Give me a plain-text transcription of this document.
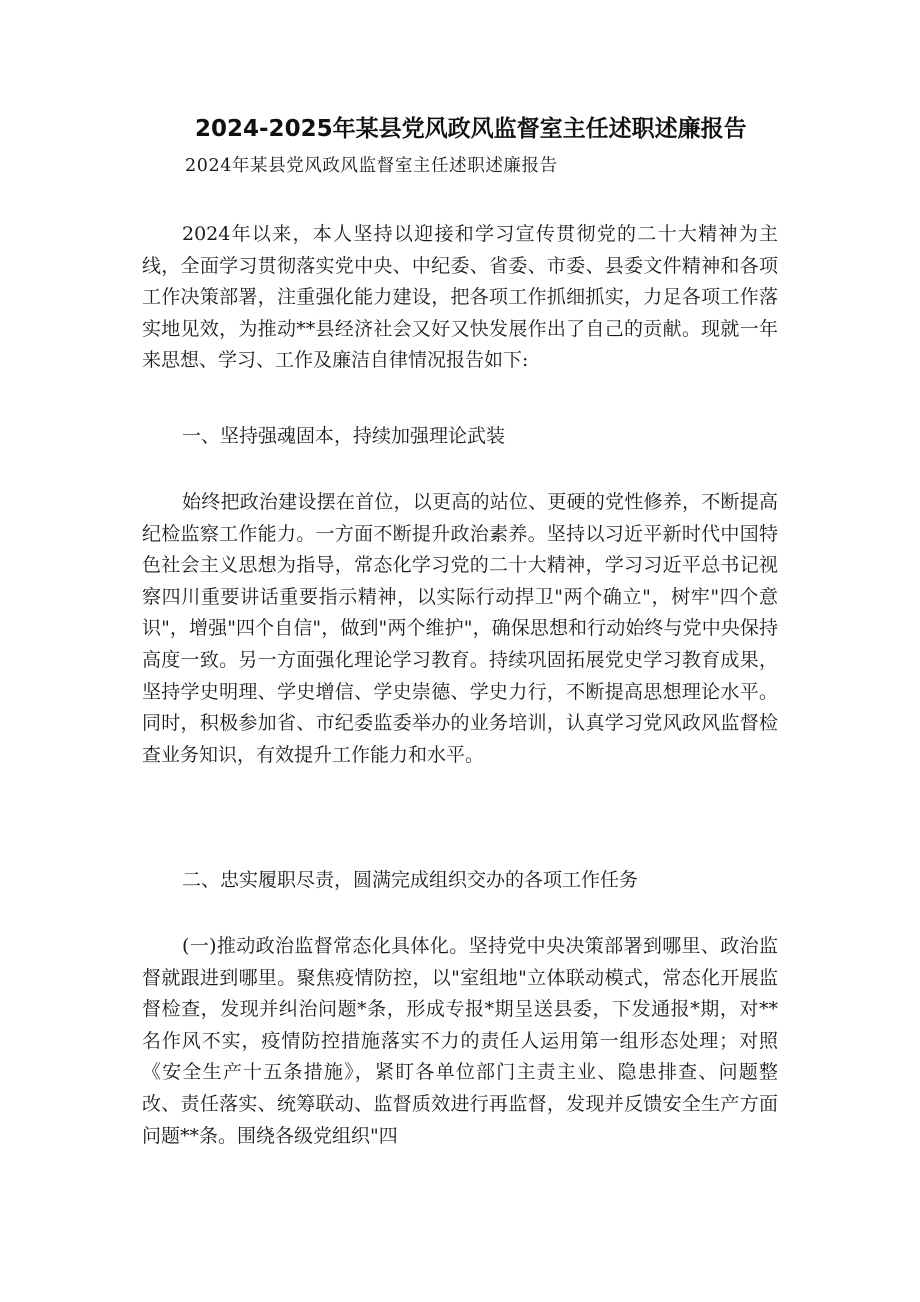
2024-2025年某县党风政风监督室主任述职述廉报告

2024年某县党风政风监督室主任述职述廉报告

2024年以来，本人坚持以迎接和学习宣传贯彻党的二十大精神为主线，全面学习贯彻落实党中央、中纪委、省委、市委、县委文件精神和各项工作决策部署，注重强化能力建设，把各项工作抓细抓实，力足各项工作落实地见效，为推动**县经济社会又好又快发展作出了自己的贡献。现就一年来思想、学习、工作及廉洁自律情况报告如下:

一、坚持强魂固本，持续加强理论武装

始终把政治建设摆在首位，以更高的站位、更硬的党性修养，不断提高纪检监察工作能力。一方面不断提升政治素养。坚持以习近平新时代中国特色社会主义思想为指导，常态化学习党的二十大精神，学习习近平总书记视察四川重要讲话重要指示精神，以实际行动捍卫"两个确立"，树牢"四个意识"，增强"四个自信"，做到"两个维护"，确保思想和行动始终与党中央保持高度一致。另一方面强化理论学习教育。持续巩固拓展党史学习教育成果，坚持学史明理、学史增信、学史崇德、学史力行，不断提高思想理论水平。同时，积极参加省、市纪委监委举办的业务培训，认真学习党风政风监督检查业务知识，有效提升工作能力和水平。

二、忠实履职尽责，圆满完成组织交办的各项工作任务

(一)推动政治监督常态化具体化。坚持党中央决策部署到哪里、政治监督就跟进到哪里。聚焦疫情防控，以"室组地"立体联动模式，常态化开展监督检查，发现并纠治问题*条，形成专报*期呈送县委，下发通报*期，对**名作风不实，疫情防控措施落实不力的责任人运用第一组形态处理；对照《安全生产十五条措施》，紧盯各单位部门主责主业、隐患排查、问题整改、责任落实、统筹联动、监督质效进行再监督，发现并反馈安全生产方面问题**条。围绕各级党组织"四
